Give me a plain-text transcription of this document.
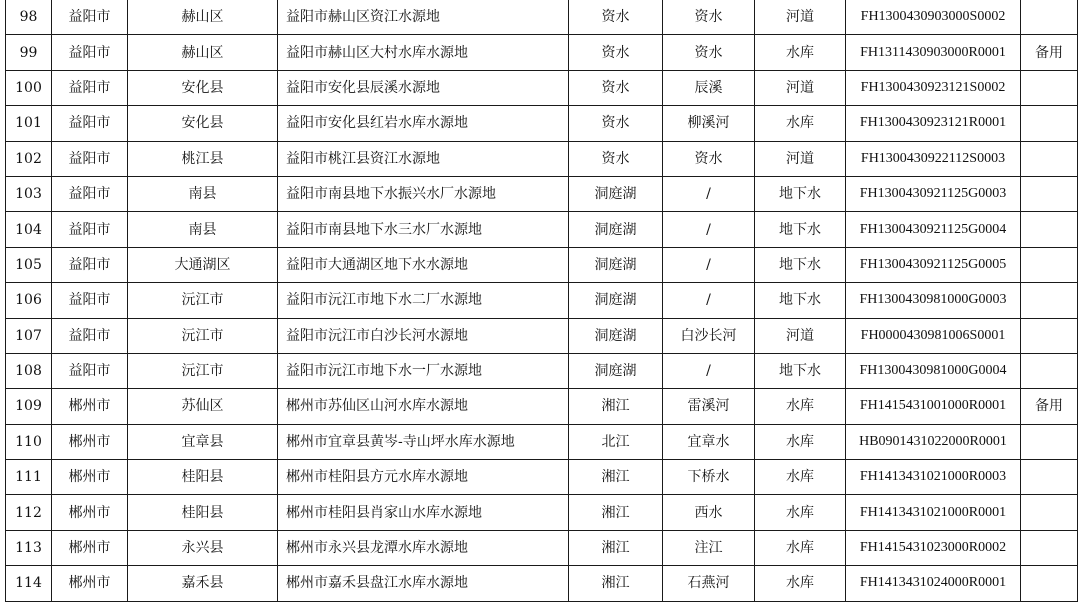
98	益阳市	赫山区	益阳市赫山区资江水源地	资水	资水	河道	FH1300430903000S0002	
99	益阳市	赫山区	益阳市赫山区大村水库水源地	资水	资水	水库	FH1311430903000R0001	备用
100	益阳市	安化县	益阳市安化县辰溪水源地	资水	辰溪	河道	FH1300430923121S0002	
101	益阳市	安化县	益阳市安化县红岩水库水源地	资水	柳溪河	水库	FH1300430923121R0001	
102	益阳市	桃江县	益阳市桃江县资江水源地	资水	资水	河道	FH1300430922112S0003	
103	益阳市	南县	益阳市南县地下水振兴水厂水源地	洞庭湖	/	地下水	FH1300430921125G0003	
104	益阳市	南县	益阳市南县地下水三水厂水源地	洞庭湖	/	地下水	FH1300430921125G0004	
105	益阳市	大通湖区	益阳市大通湖区地下水水源地	洞庭湖	/	地下水	FH1300430921125G0005	
106	益阳市	沅江市	益阳市沅江市地下水二厂水源地	洞庭湖	/	地下水	FH1300430981000G0003	
107	益阳市	沅江市	益阳市沅江市白沙长河水源地	洞庭湖	白沙长河	河道	FH0000430981006S0001	
108	益阳市	沅江市	益阳市沅江市地下水一厂水源地	洞庭湖	/	地下水	FH1300430981000G0004	
109	郴州市	苏仙区	郴州市苏仙区山河水库水源地	湘江	雷溪河	水库	FH1415431001000R0001	备用
110	郴州市	宜章县	郴州市宜章县黄岑-寺山坪水库水源地	北江	宜章水	水库	HB0901431022000R0001	
111	郴州市	桂阳县	郴州市桂阳县方元水库水源地	湘江	下桥水	水库	FH1413431021000R0003	
112	郴州市	桂阳县	郴州市桂阳县肖家山水库水源地	湘江	西水	水库	FH1413431021000R0001	
113	郴州市	永兴县	郴州市永兴县龙潭水库水源地	湘江	注江	水库	FH1415431023000R0002	
114	郴州市	嘉禾县	郴州市嘉禾县盘江水库水源地	湘江	石燕河	水库	FH1413431024000R0001	
